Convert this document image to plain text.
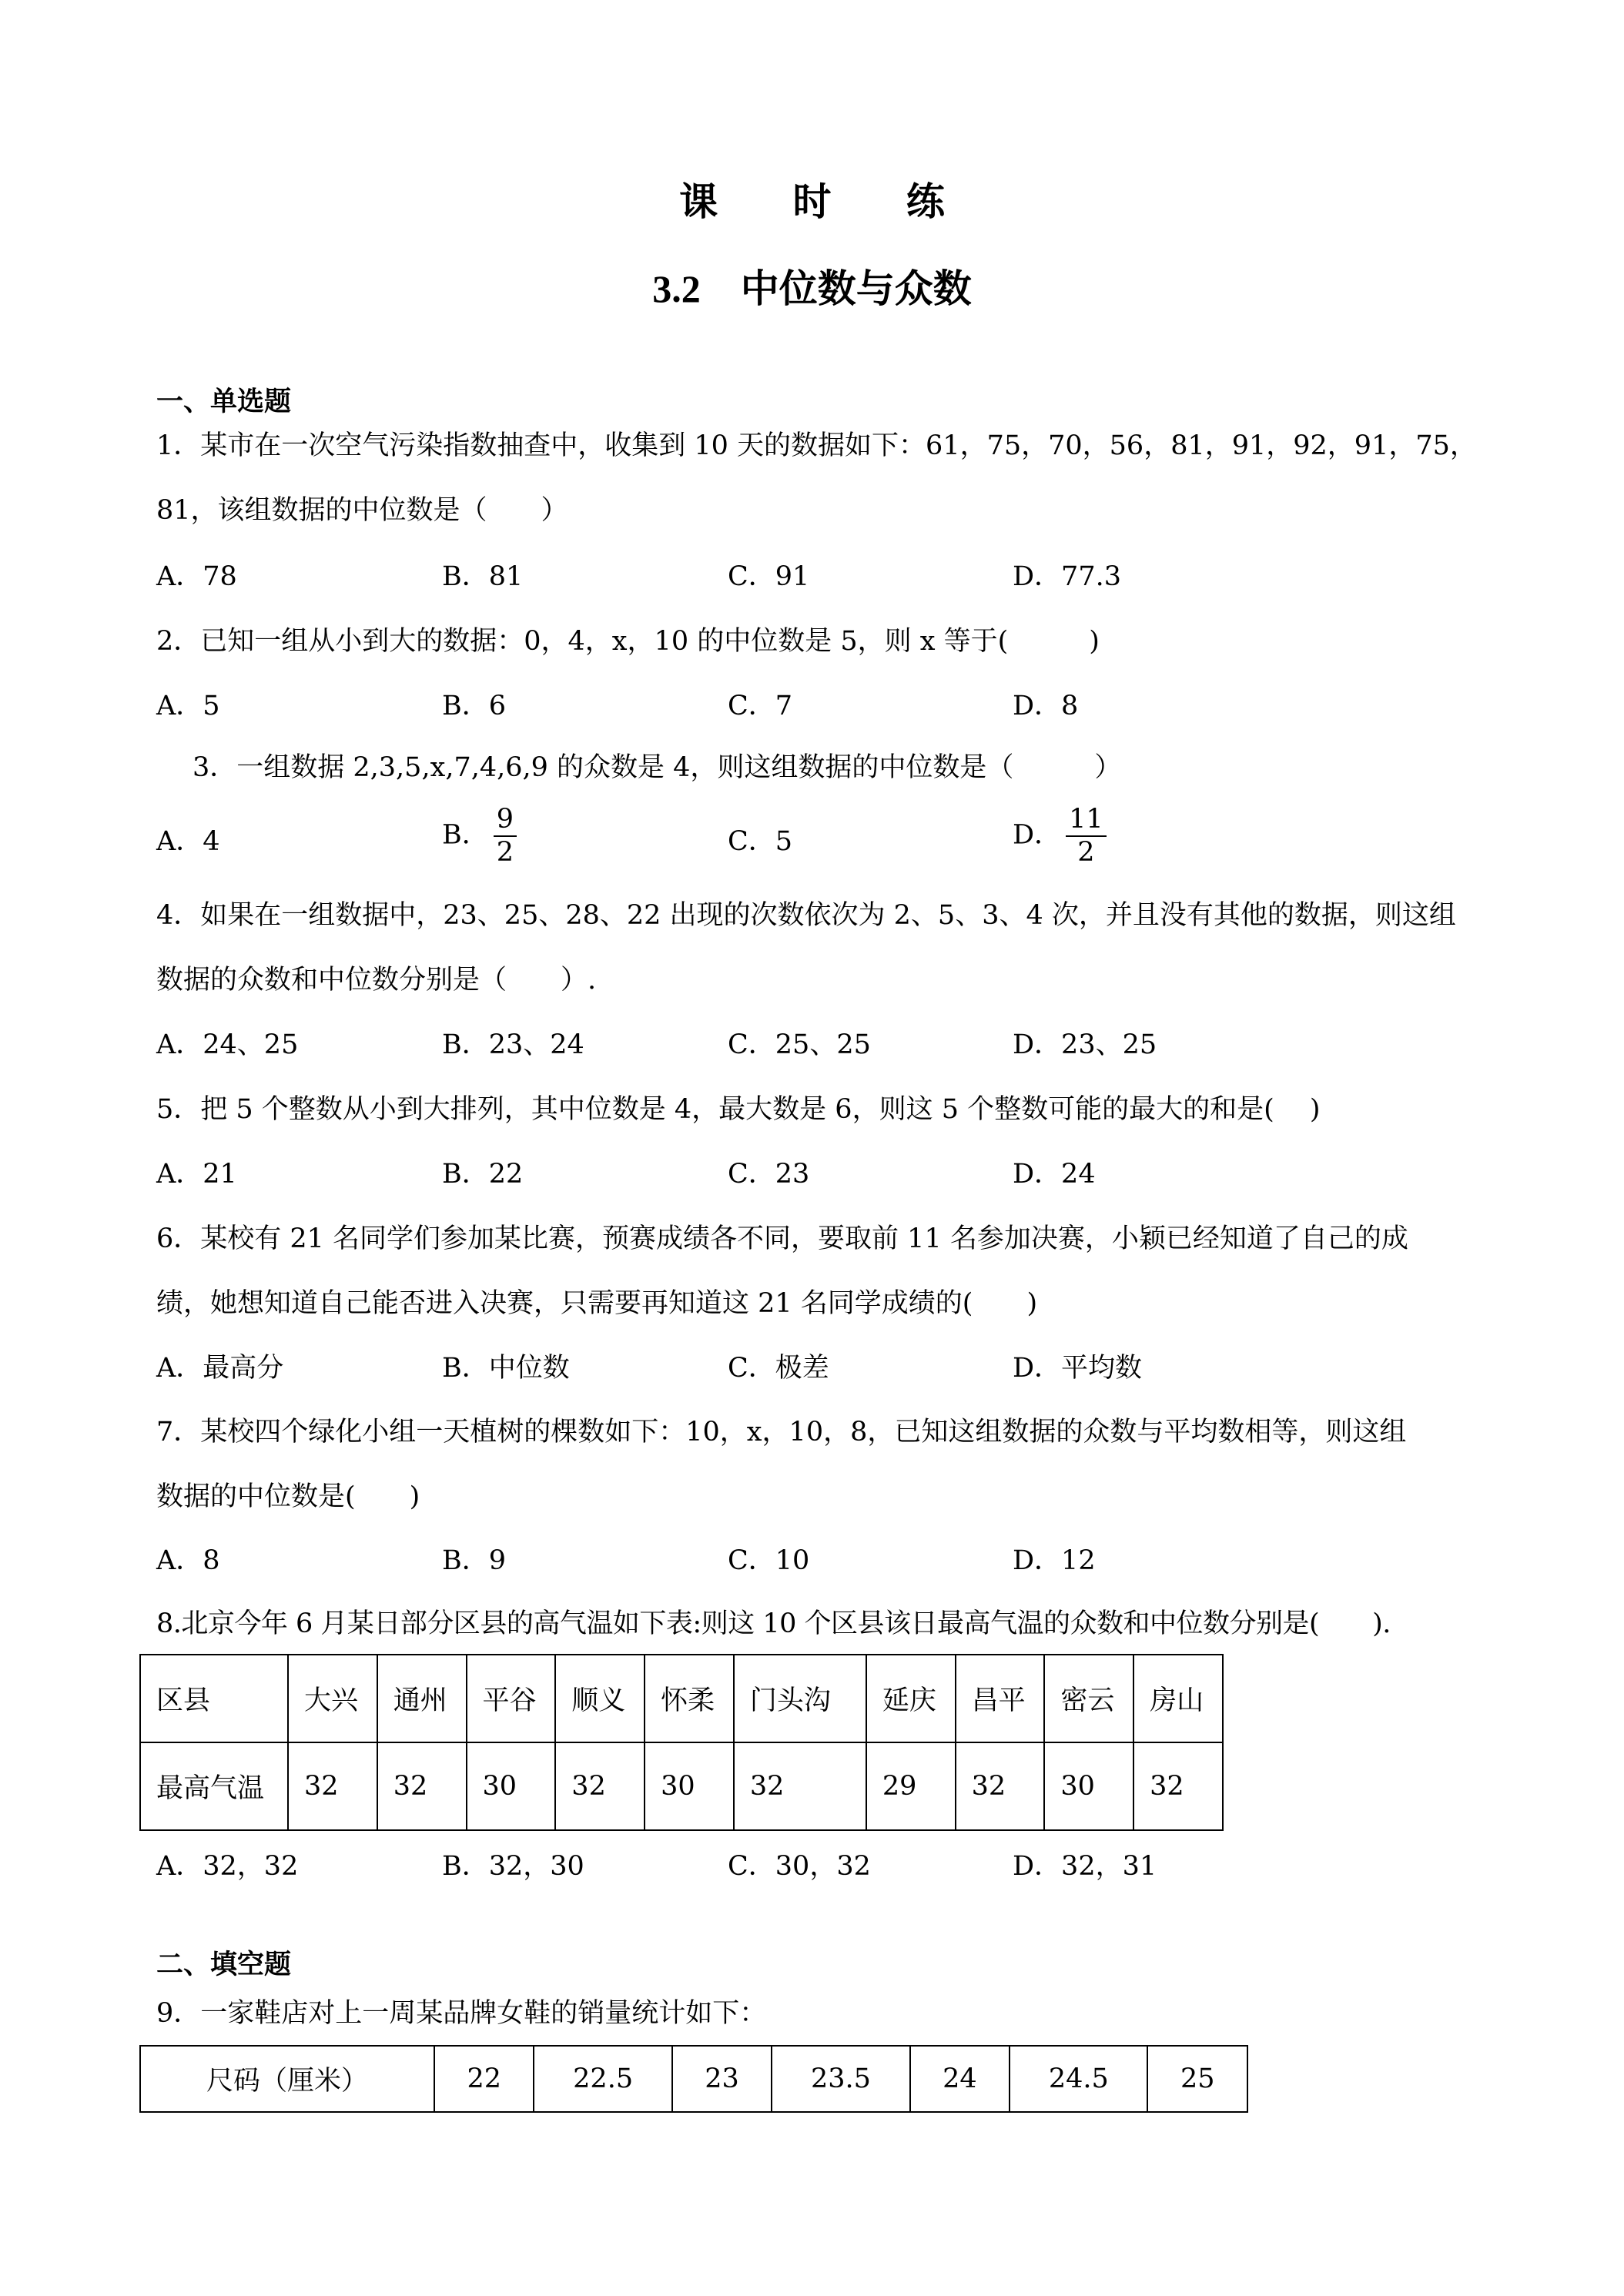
课 时 练
3.2 中位数与众数
一、单选题
1．某市在一次空气污染指数抽查中，收集到 10 天的数据如下：61，75，70，56，81，91，92，91，75，
81，该组数据的中位数是（　　）
A．78	B．81	C．91	D．77.3
2．已知一组从小到大的数据：0，4，x，10 的中位数是 5，则 x 等于(　　　)
A．5	B．6	C．7	D．8
3．一组数据 2,3,5,x,7,4,6,9 的众数是 4，则这组数据的中位数是（　　　）
A．4	B． $\frac{9}{2}$	C．5	D． $\frac{11}{2}$
4．如果在一组数据中，23、25、28、22 出现的次数依次为 2、5、3、4 次，并且没有其他的数据，则这组
数据的众数和中位数分别是（　　）.
A．24、25	B．23、24	C．25、25	D．23、25
5．把 5 个整数从小到大排列，其中位数是 4，最大数是 6，则这 5 个整数可能的最大的和是(　 )
A．21	B．22	C．23	D．24
6．某校有 21 名同学们参加某比赛，预赛成绩各不同，要取前 11 名参加决赛，小颖已经知道了自己的成
绩，她想知道自己能否进入决赛，只需要再知道这 21 名同学成绩的(　　)
A．最高分	B．中位数	C．极差	D．平均数
7．某校四个绿化小组一天植树的棵数如下：10，x，10，8，已知这组数据的众数与平均数相等，则这组
数据的中位数是(　　)
A．8	B．9	C．10	D．12
8.北京今年 6 月某日部分区县的高气温如下表:则这 10 个区县该日最高气温的众数和中位数分别是(　　).
区县	大兴	通州	平谷	顺义	怀柔	门头沟	延庆	昌平	密云	房山
最高气温	32	32	30	32	30	32	29	32	30	32
A．32，32	B．32，30	C．30，32	D．32，31
二、填空题
9．一家鞋店对上一周某品牌女鞋的销量统计如下：
尺码（厘米）	22	22.5	23	23.5	24	24.5	25
